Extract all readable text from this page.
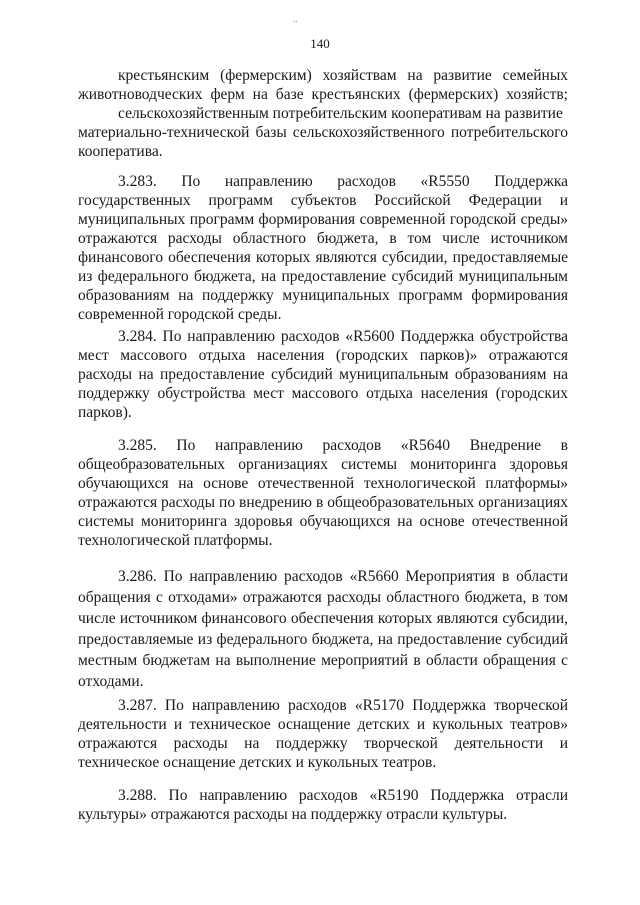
..
140
крестьянским (фермерским) хозяйствам на развитие семейных
животноводческих ферм на базе крестьянских (фермерских) хозяйств;
сельскохозяйственным потребительским кооперативам на развитие
материально-технической базы сельскохозяйственного потребительского
кооператива.
3.283. По направлению расходов «R5550 Поддержка
государственных программ субъектов Российской Федерации и
муниципальных программ формирования современной городской среды»
отражаются расходы областного бюджета, в том числе источником
финансового обеспечения которых являются субсидии, предоставляемые
из федерального бюджета, на предоставление субсидий муниципальным
образованиям на поддержку муниципальных программ формирования
современной городской среды.
3.284. По направлению расходов «R5600 Поддержка обустройства
мест массового отдыха населения (городских парков)» отражаются
расходы на предоставление субсидий муниципальным образованиям на
поддержку обустройства мест массового отдыха населения (городских
парков).
3.285. По направлению расходов «R5640 Внедрение в
общеобразовательных организациях системы мониторинга здоровья
обучающихся на основе отечественной технологической платформы»
отражаются расходы по внедрению в общеобразовательных организациях
системы мониторинга здоровья обучающихся на основе отечественной
технологической платформы.
3.286. По направлению расходов «R5660 Мероприятия в области
обращения с отходами» отражаются расходы областного бюджета, в том
числе источником финансового обеспечения которых являются субсидии,
предоставляемые из федерального бюджета, на предоставление субсидий
местным бюджетам на выполнение мероприятий в области обращения с
отходами.
3.287. По направлению расходов «R5170 Поддержка творческой
деятельности и техническое оснащение детских и кукольных театров»
отражаются расходы на поддержку творческой деятельности и
техническое оснащение детских и кукольных театров.
3.288. По направлению расходов «R5190 Поддержка отрасли
культуры» отражаются расходы на поддержку отрасли культуры.
